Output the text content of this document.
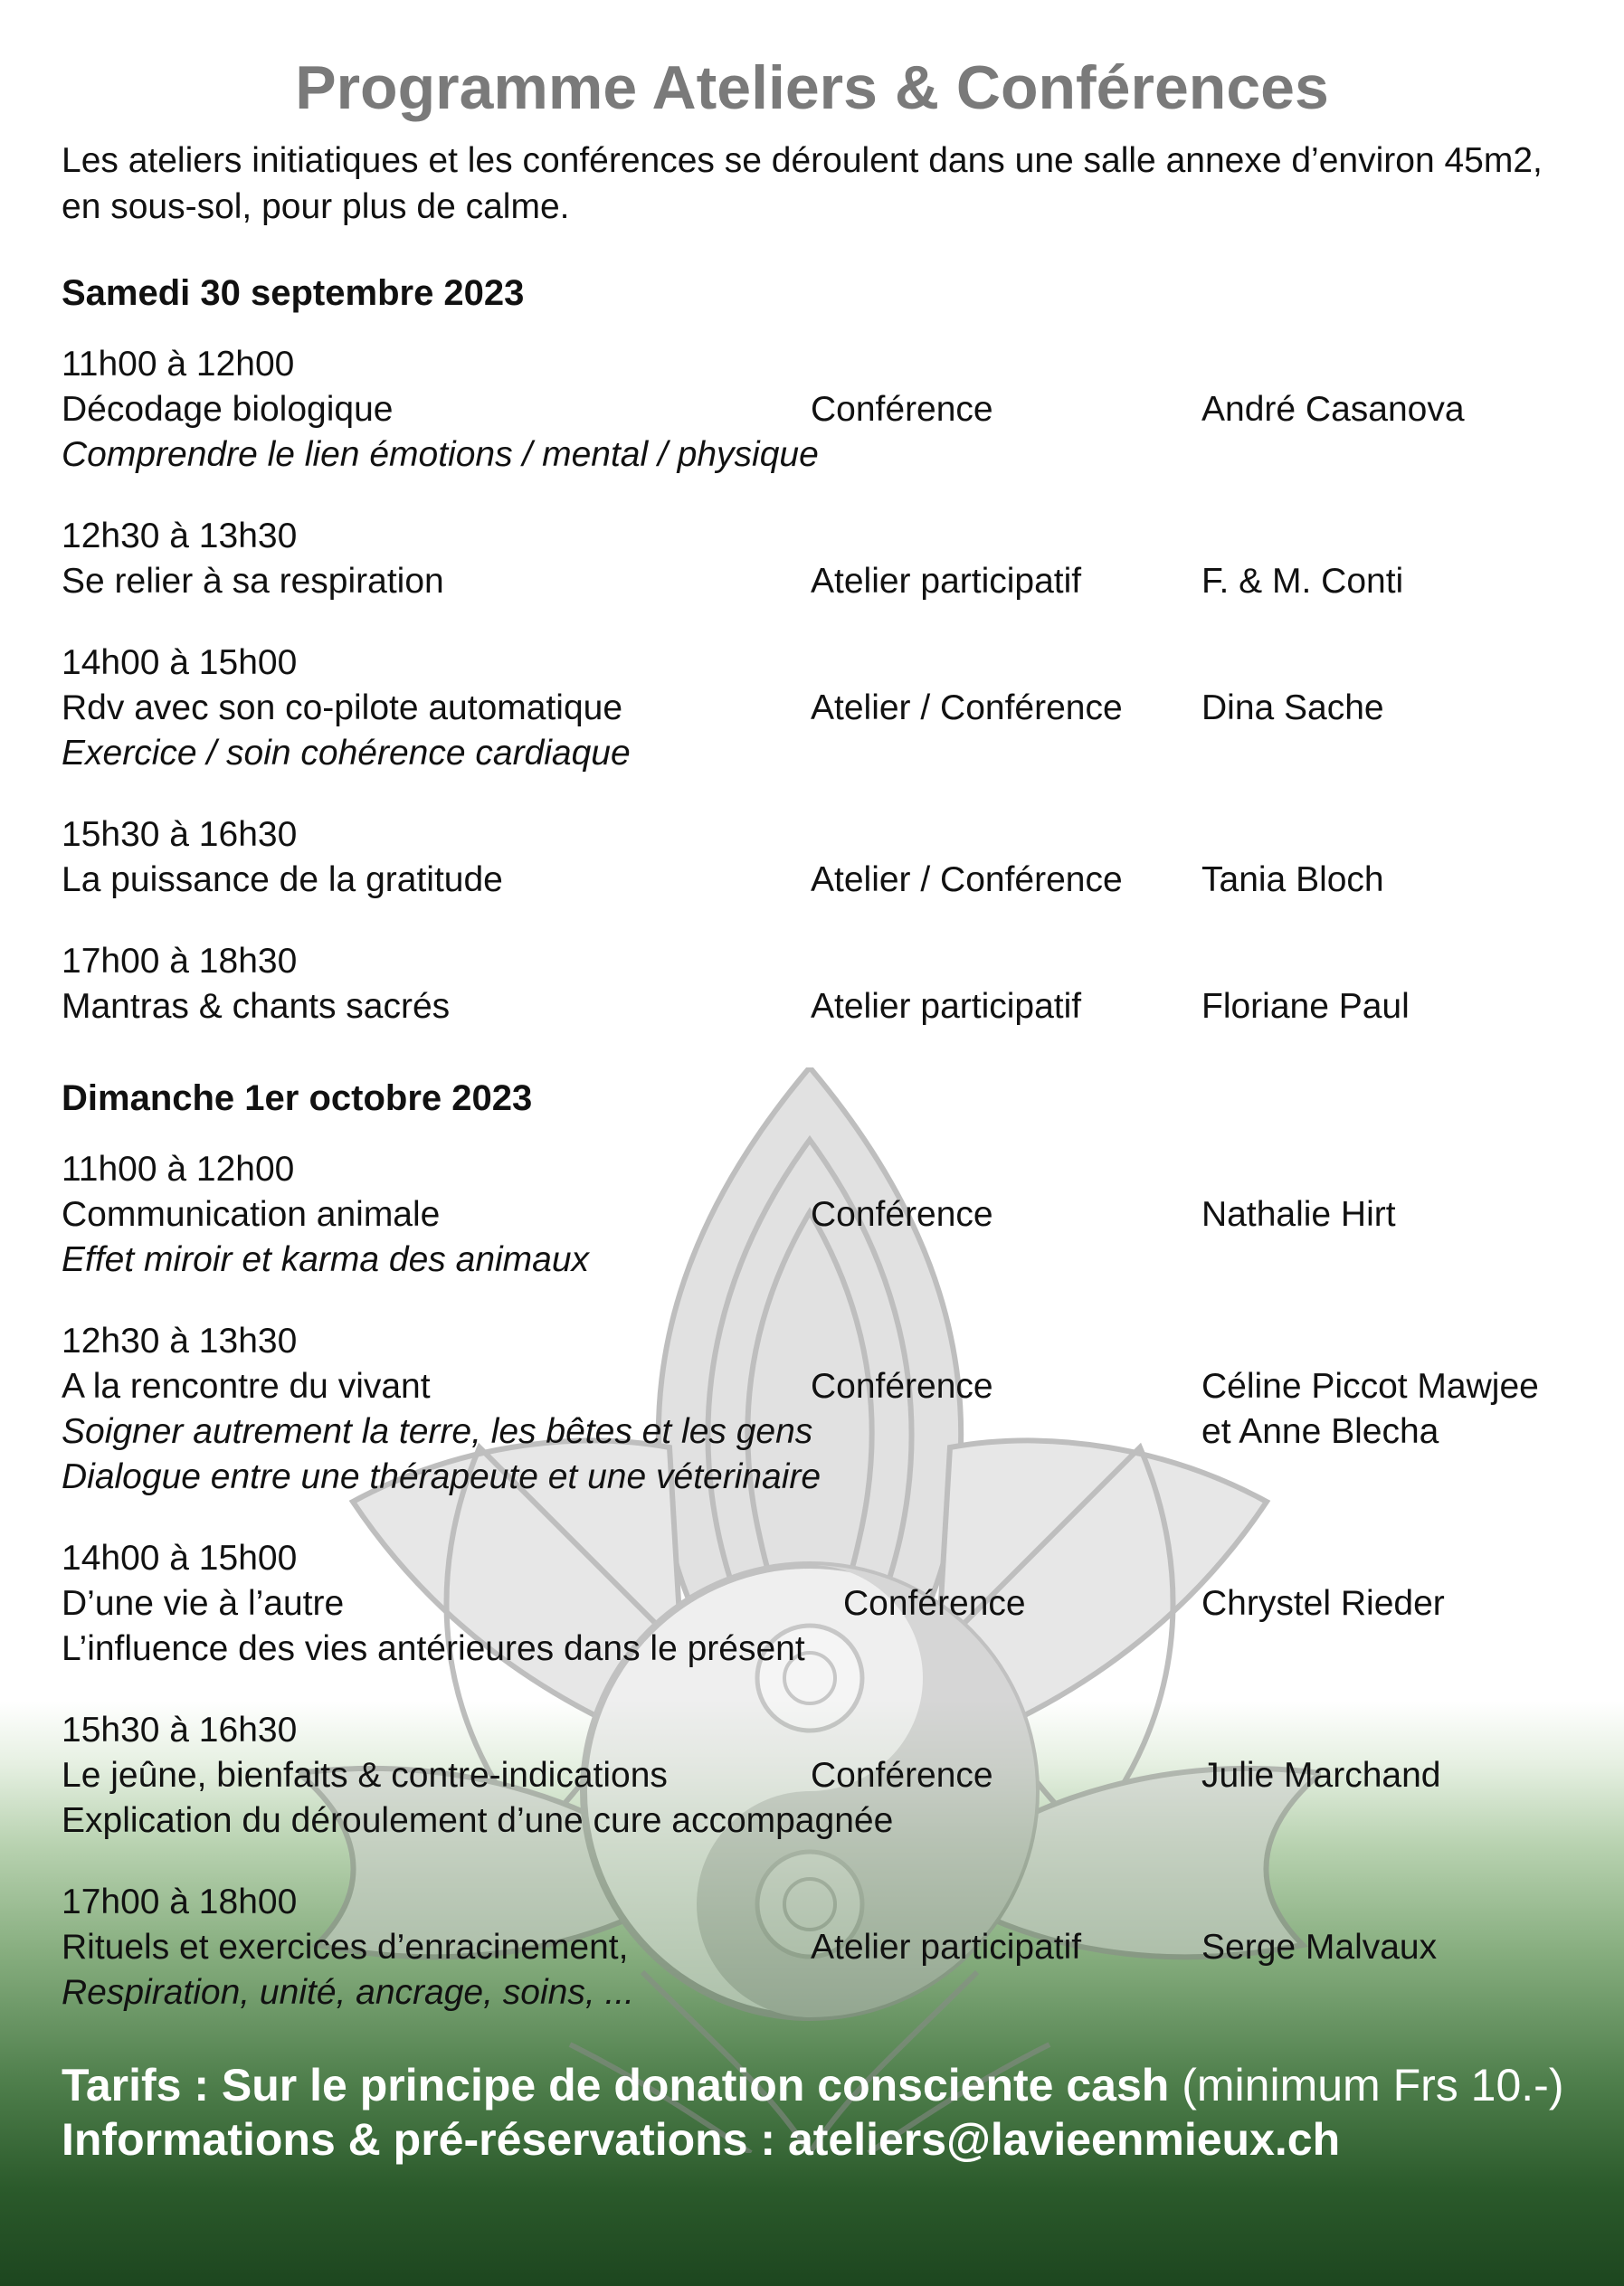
Programme Ateliers & Conférences

Les ateliers initiatiques et les conférences se déroulent dans une salle annexe d’environ 45m2, en sous-sol, pour plus de calme.

Samedi 30 septembre 2023
11h00 à 12h00
Décodage biologique	Conférence	André Casanova
Comprendre le lien émotions / mental / physique
12h30 à 13h30
Se relier à sa respiration	Atelier participatif	F. & M. Conti
14h00 à 15h00
Rdv avec son co-pilote automatique	Atelier / Conférence Dina Sache
Exercice / soin cohérence cardiaque
15h30 à 16h30
La puissance de la gratitude	Atelier / Conférence Tania Bloch
17h00 à 18h30
Mantras & chants sacrés	Atelier participatif	Floriane Paul
Dimanche 1er octobre 2023
11h00 à 12h00
Communication animale	Conférence	Nathalie Hirt
Effet miroir et karma des animaux
12h30 à 13h30
A la rencontre du vivant	Conférence	Céline Piccot Mawjee
et Anne Blecha
Soigner autrement la terre, les bêtes et les gens
Dialogue entre une thérapeute et une véterinaire
14h00 à 15h00
D’une vie à l’autre	Conférence	Chrystel Rieder
L’influence des vies antérieures dans le présent
15h30 à 16h30
Le jeûne, bienfaits & contre-indications	Conférence	Julie Marchand
Explication du déroulement d’une cure accompagnée
17h00 à 18h00
Rituels et exercices d’enracinement,	Atelier participatif	Serge Malvaux
Respiration, unité, ancrage, soins, ...
Tarifs : Sur le principe de donation consciente cash (minimum Frs 10.-)
Informations & pré-réservations : ateliers@lavieenmieux.ch
